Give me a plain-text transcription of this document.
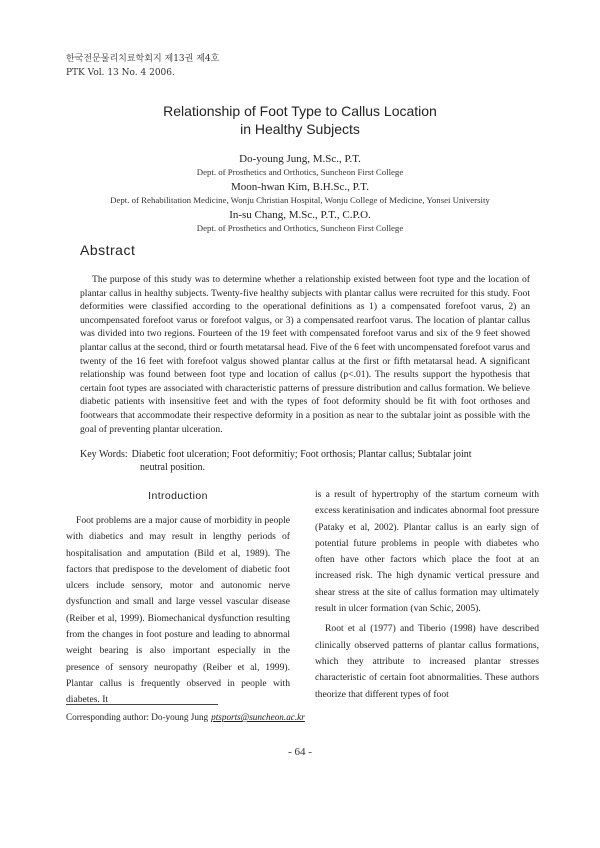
한국전문물리치료학회지 제13권 제4호
PTK Vol. 13 No. 4 2006.
Relationship of Foot Type to Callus Location
in Healthy Subjects
Do-young Jung, M.Sc., P.T.
Dept. of Prosthetics and Orthotics, Suncheon First College
Moon-hwan Kim, B.H.Sc., P.T.
Dept. of Rehabilitation Medicine, Wonju Christian Hospital, Wonju College of Medicine, Yonsei University
In-su Chang, M.Sc., P.T., C.P.O.
Dept. of Prosthetics and Orthotics, Suncheon First College
Abstract
The purpose of this study was to determine whether a relationship existed between foot type and the location of plantar callus in healthy subjects. Twenty-five healthy subjects with plantar callus were recruited for this study. Foot deformities were classified according to the operational definitions as 1) a compensated forefoot varus, 2) an uncompensated forefoot varus or forefoot valgus, or 3) a compensated rearfoot varus. The location of plantar callus was divided into two regions. Fourteen of the 19 feet with compensated forefoot varus and six of the 9 feet showed plantar callus at the second, third or fourth metatarsal head. Five of the 6 feet with uncompensated forefoot varus and twenty of the 16 feet with forefoot valgus showed plantar callus at the first or fifth metatarsal head. A significant relationship was found between foot type and location of callus (p<.01). The results support the hypothesis that certain foot types are associated with characteristic patterns of pressure distribution and callus formation. We believe diabetic patients with insensitive feet and with the types of foot deformity should be fit with foot orthoses and footwears that accommodate their respective deformity in a position as near to the subtalar joint as possible with the goal of preventing plantar ulceration.
Key Words: Diabetic foot ulceration; Foot deformitiy; Foot orthosis; Plantar callus; Subtalar joint
neutral position.
Introduction

Foot problems are a major cause of morbidity in people with diabetics and may result in lengthy periods of hospitalisation and amputation (Bild et al, 1989). The factors that predispose to the develoment of diabetic foot ulcers include sensory, motor and autonomic nerve dysfunction and small and large vessel vascular disease (Reiber et al, 1999). Biomechanical dysfunction resulting from the changes in foot posture and leading to abnormal weight bearing is also important especially in the presence of sensory neuropathy (Reiber et al, 1999). Plantar callus is frequently observed in people with diabetes. It

is a result of hypertrophy of the startum corneum with excess keratinisation and indicates abnormal foot pressure (Pataky et al, 2002). Plantar callus is an early sign of potential future problems in people with diabetes who often have other factors which place the foot at an increased risk. The high dynamic vertical pressure and shear stress at the site of callus formation may ultimately result in ulcer formation (van Schic, 2005).

Root et al (1977) and Tiberio (1998) have described clinically observed patterns of plantar callus formations, which they attribute to increased plantar stresses characteristic of certain foot abnormalities. These authors theorize that different types of foot

Corresponding author: Do-young Jung ptsports@suncheon.ac.kr
- 64 -
